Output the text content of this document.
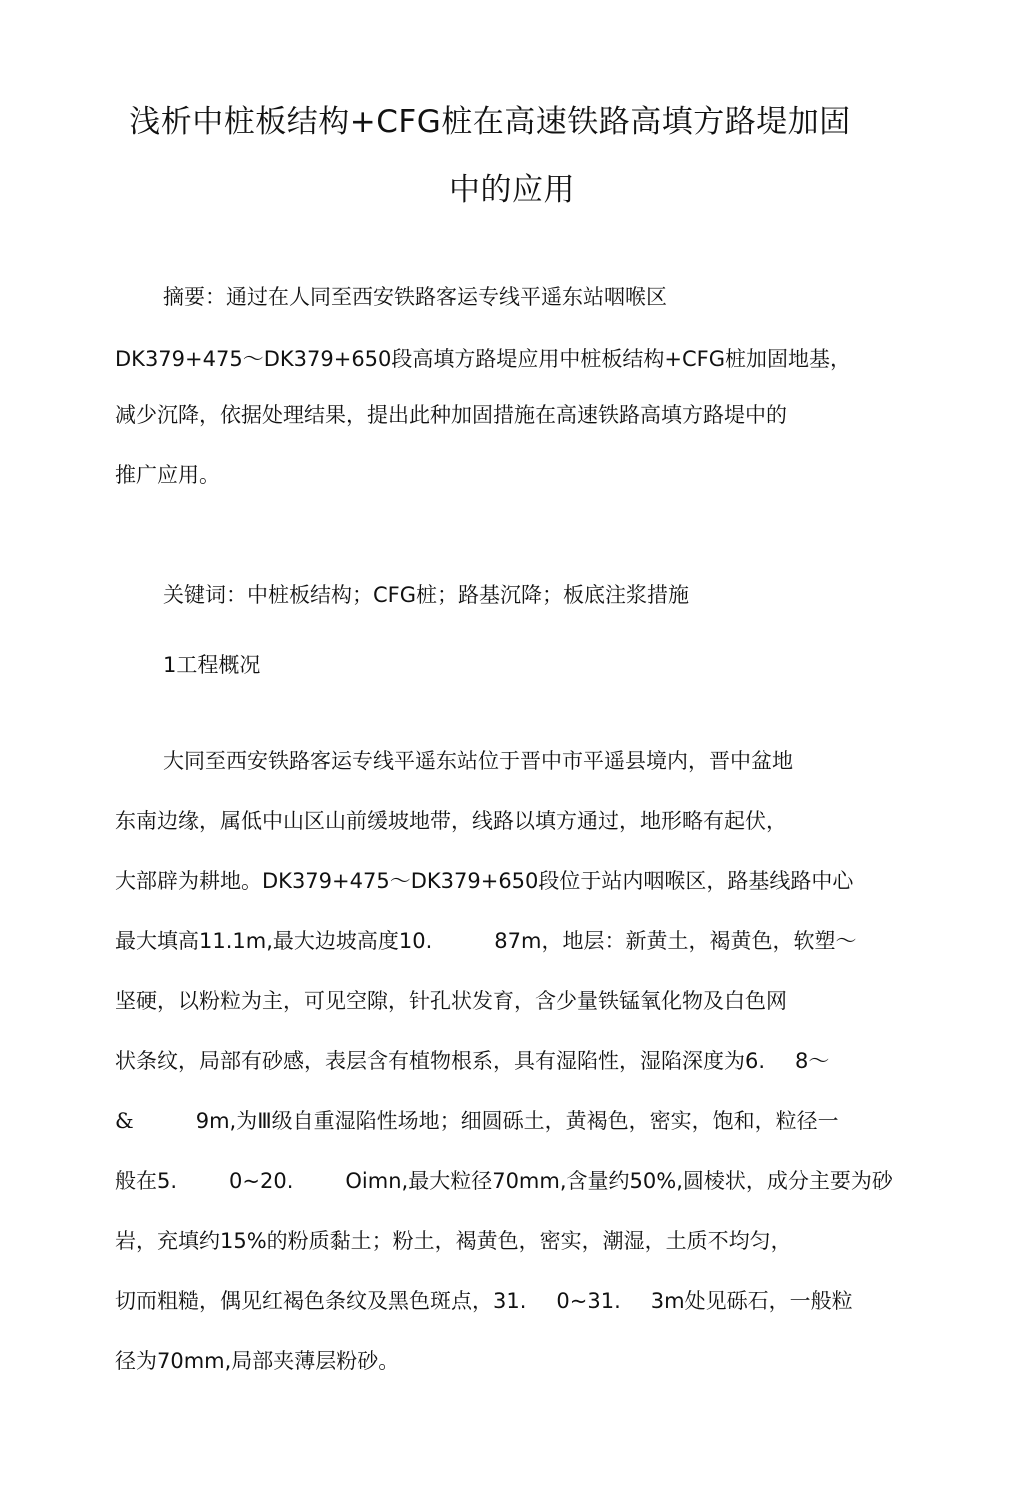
浅析中桩板结构+CFG桩在高速铁路高填方路堤加固
中的应用
摘要：通过在人同至西安铁路客运专线平遥东站咽喉区
DK379+475～DK379+650段高填方路堤应用中桩板结构+CFG桩加固地基，
减少沉降，依据处理结果，提出此种加固措施在高速铁路高填方路堤中的
推广应用。
关键词：中桩板结构；CFG桩；路基沉降；板底注浆措施
1工程概况
大同至西安铁路客运专线平遥东站位于晋中市平遥县境内，晋中盆地
东南边缘，属低中山区山前缓坡地带，线路以填方通过，地形略有起伏，
大部辟为耕地。DK379+475～DK379+650段位于站内咽喉区，路基线路中心
最大填高11.1m,最大边坡高度10.	87m，地层：新黄土，褐黄色，软塑～
坚硬，以粉粒为主，可见空隙，针孔状发育，含少量铁锰氧化物及白色网
状条纹，局部有砂感，表层含有植物根系，具有湿陷性，湿陷深度为6. 8～
&	9m,为Ⅲ级自重湿陷性场地；细圆砾土，黄褐色，密实，饱和，粒径一
般在5. 0~20. Oimn,最大粒径70mm,含量约50%,圆棱状，成分主要为砂
岩，充填约15%的粉质黏土；粉土，褐黄色，密实，潮湿，土质不均匀，
切而粗糙，偶见红褐色条纹及黑色斑点，31. 0~31. 3m处见砾石，一般粒
径为70mm,局部夹薄层粉砂。
